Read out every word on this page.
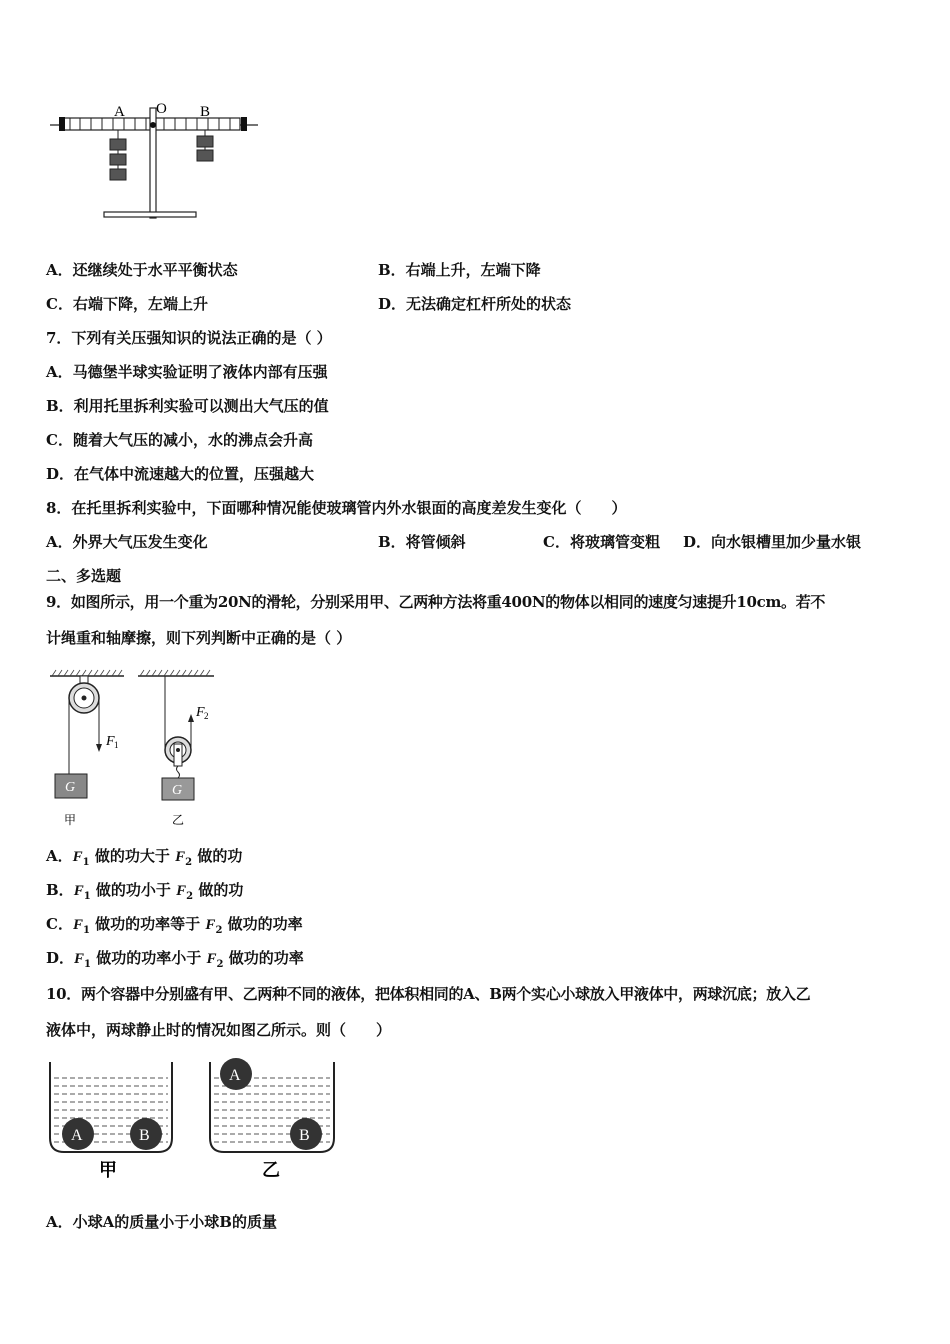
A O B
A．还继续处于水平平衡状态	B．右端上升，左端下降
C．右端下降，左端上升	D．无法确定杠杆所处的状态
7．下列有关压强知识的说法正确的是（ ）
A．马德堡半球实验证明了液体内部有压强
B．利用托里拆利实验可以测出大气压的值
C．随着大气压的减小，水的沸点会升高
D．在气体中流速越大的位置，压强越大
8．在托里拆利实验中，下面哪种情况能使玻璃管内外水银面的高度差发生变化（　　）
A．外界大气压发生变化	B．将管倾斜	C．将玻璃管变粗 D．向水银槽里加少量水银
二、多选题
9．如图所示，用一个重为20N的滑轮，分别采用甲、乙两种方法将重400N的物体以相同的速度匀速提升10cm。若不
计绳重和轴摩擦，则下列判断中正确的是（ ）
F 1
G
甲
F 2
G
乙
A．$F_1$ 做的功大于 $F_2$ 做的功
B．$F_1$ 做的功小于 $F_2$ 做的功
C．$F_1$ 做功的功率等于 $F_2$ 做功的功率
D．$F_1$ 做功的功率小于 $F_2$ 做功的功率
10．两个容器中分别盛有甲、乙两种不同的液体，把体积相同的A、B两个实心小球放入甲液体中，两球沉底；放入乙
液体中，两球静止时的情况如图乙所示。则（　　）
A	B
甲
A
B
乙
A．小球A的质量小于小球B的质量
